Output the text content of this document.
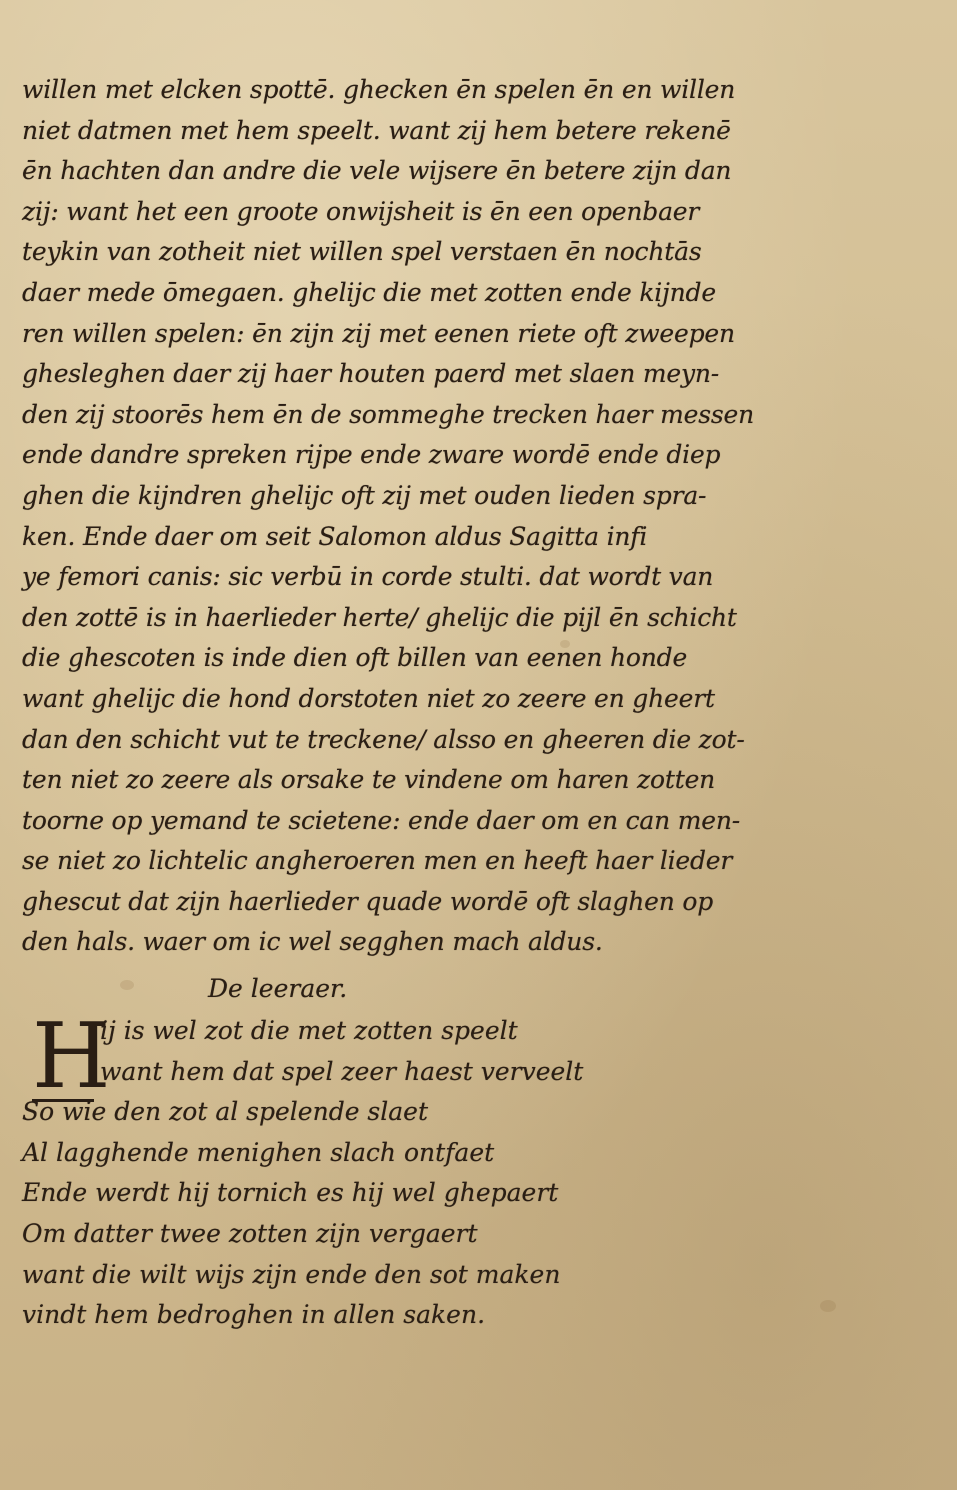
willen met elcken spottē. ghecken ēn spelen ēn en willen
niet datmen met hem speelt. want zij hem betere rekenē
ēn hachten dan andre die vele wijsere ēn betere zijn dan
zij: want het een groote onwijsheit is ēn een openbaer
teykin van zotheit niet willen spel verstaen ēn nochtās
daer mede ōmegaen. ghelijc die met zotten ende kijnde
ren willen spelen: ēn zijn zij met eenen riete oft zweepen
ghesleghen daer zij haer houten paerd met slaen meyn-
den zij stoorēs hem ēn de sommeghe trecken haer messen
ende dandre spreken rijpe ende zware wordē ende diep
ghen die kijndren ghelijc oft zij met ouden lieden spra-
ken. Ende daer om seit Salomon aldus Sagitta infi
ye femori canis: sic verbū in corde stulti. dat wordt van
den zottē is in haerlieder herte/ ghelijc die pijl ēn schicht
die ghescoten is inde dien oft billen van eenen honde
want ghelijc die hond dorstoten niet zo zeere en gheert
dan den schicht vut te treckene/ alsso en gheeren die zot-
ten niet zo zeere als orsake te vindene om haren zotten
toorne op yemand te scietene: ende daer om en can men-
se niet zo lichtelic angheroeren men en heeft haer lieder
ghescut dat zijn haerlieder quade wordē oft slaghen op
den hals. waer om ic wel segghen mach aldus.
De leeraer.
H
ij is wel zot die met zotten speelt
want hem dat spel zeer haest verveelt
So wie den zot al spelende slaet
Al lagghende menighen slach ontfaet
Ende werdt hij tornich es hij wel ghepaert
Om datter twee zotten zijn vergaert
want die wilt wijs zijn ende den sot maken
vindt hem bedroghen in allen saken.
